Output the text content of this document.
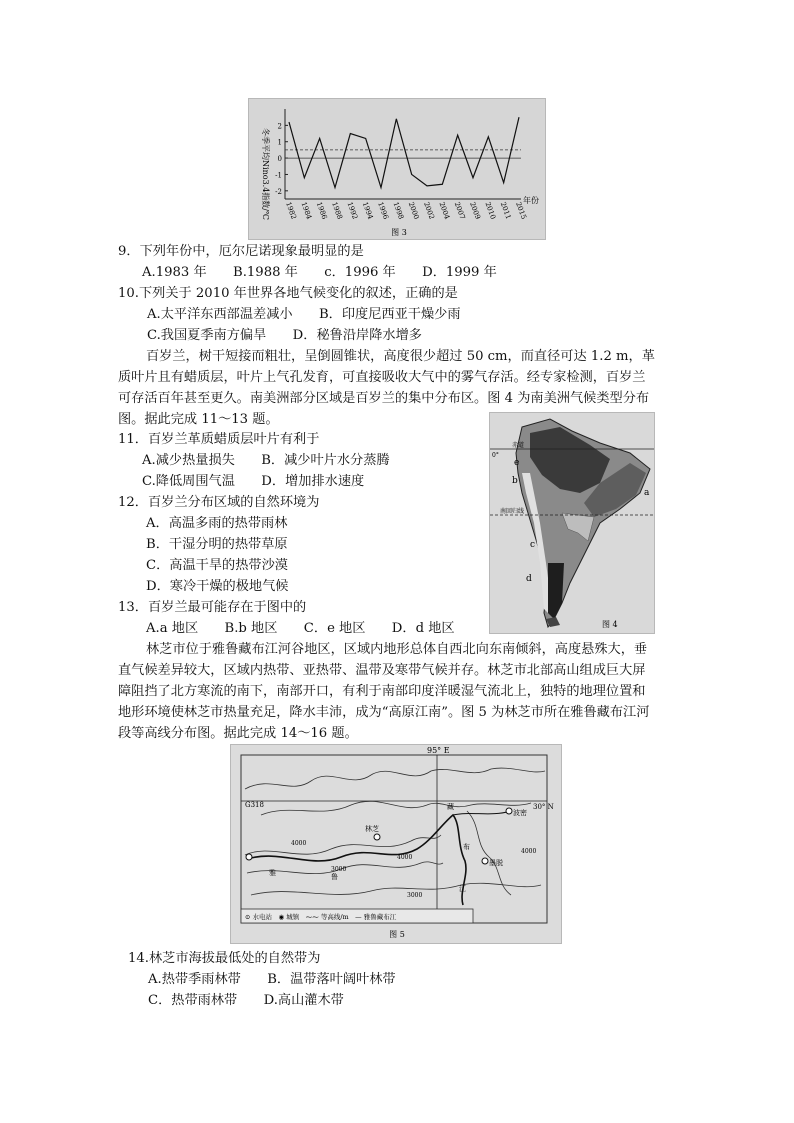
冬季平均Nino3.4指数/℃
2
1
0
-1
-2
1982 1984 1986 1988 1992 1994 1996 1998 2000 2002 2004 2007 2009 2010 2011 2015
年份
图 3
9．下列年份中，厄尔尼诺现象最明显的是
A.1983 年　　B.1988 年　　c．1996 年　　D．1999 年
10.下列关于 2010 年世界各地气候变化的叙述，正确的是
A.太平洋东西部温差减小　　B．印度尼西亚干燥少雨
C.我国夏季南方偏旱　　D．秘鲁沿岸降水增多
百岁兰，树干短接而粗壮，呈倒圆锥状，高度很少超过 50 cm，而直径可达 1.2 m，革
质叶片且有蜡质层，叶片上气孔发育，可直接吸收大气中的雾气存活。经专家检测，百岁兰
可存活百年甚至更久。南美洲部分区域是百岁兰的集中分布区。图 4 为南美洲气候类型分布
图。据此完成 11～13 题。
11．百岁兰革质蜡质层叶片有利于
A.减少热量损失　　B．减少叶片水分蒸腾
C.降低周围气温　　D．增加排水速度
12．百岁兰分布区域的自然环境为
A．高温多雨的热带雨林
B．干湿分明的热带草原
C．高温干旱的热带沙漠
D．寒冷干燥的极地气候
13．百岁兰最可能存在于图中的
A.a 地区　　B.b 地区　　C．e 地区　　D．d 地区
0°
赤道
南回归线
e
b
a
c
d
图 4
林芝市位于雅鲁藏布江河谷地区，区域内地形总体自西北向东南倾斜，高度悬殊大，垂
直气候差异较大，区域内热带、亚热带、温带及寒带气候并存。林芝市北部高山组成巨大屏
障阻挡了北方寒流的南下，南部开口，有利于南部印度洋暖湿气流北上，独特的地理位置和
地形环境使林芝市热量充足，降水丰沛，成为“高原江南”。图 5 为林芝市所在雅鲁藏布江河
段等高线分布图。据此完成 14～16 题。
95° E
30° N
G318
林芝
波密
墨脱
雅	鲁
藏
布
江
4000
3000
4000
4000
3000
⊙ 水电站　◉ 城镇　⁓⁓ 等高线/m　— 雅鲁藏布江
图 5
14.林芝市海拔最低处的自然带为
A.热带季雨林带　　B．温带落叶阔叶林带
C．热带雨林带　　D.高山灌木带
